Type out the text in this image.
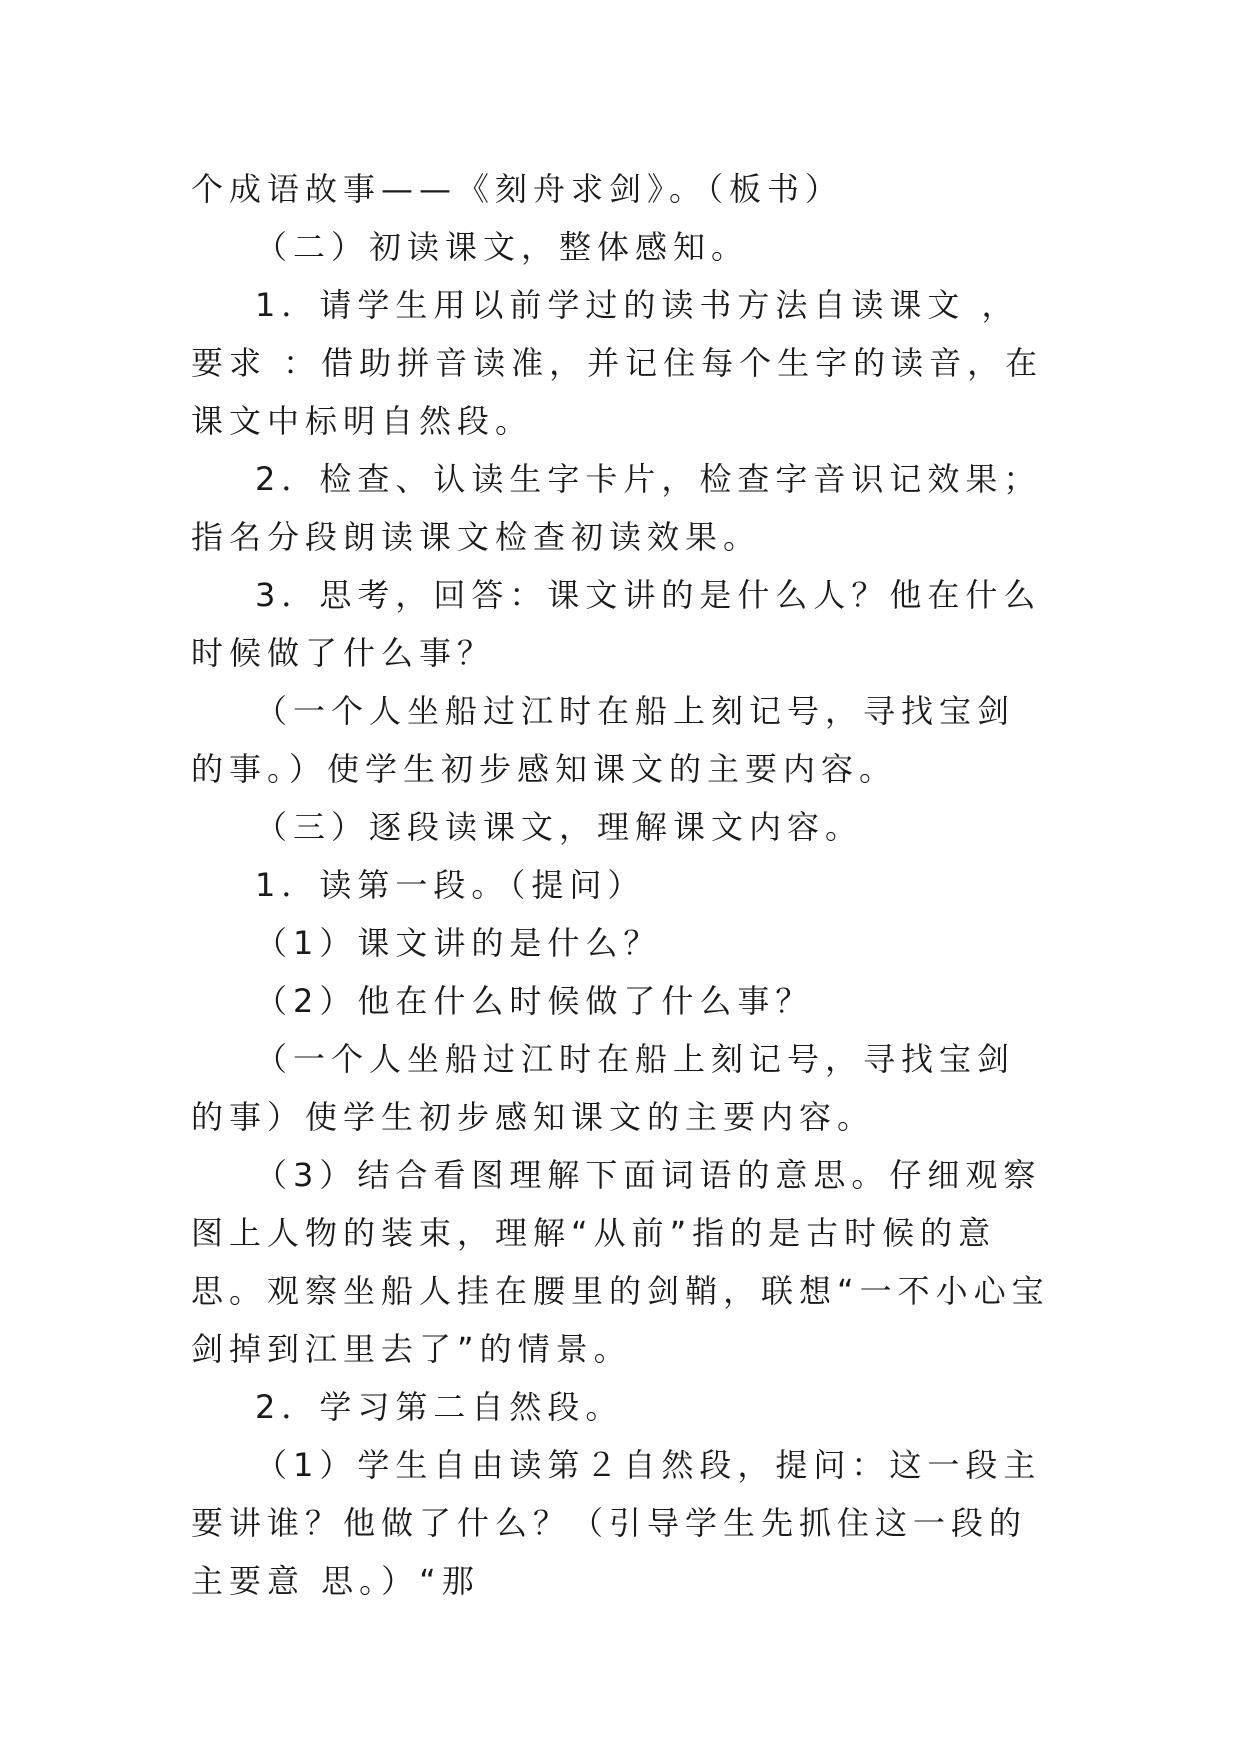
个成语故事——《刻舟求剑》。（板书）

（二）初读课文，整体感知。

1．请学生用以前学过的读书方法自读课文 ，要求 ：借助拼音读准，并记住每个生字的读音，在课文中标明自然段。

2．检查、认读生字卡片，检查字音识记效果；指名分段朗读课文检查初读效果。

3．思考，回答：课文讲的是什么人？他在什么时候做了什么事？

（一个人坐船过江时在船上刻记号，寻找宝剑的事。）使学生初步感知课文的主要内容。

（三）逐段读课文，理解课文内容。

1．读第一段。（提问）

（1）课文讲的是什么？

（2）他在什么时候做了什么事？

（一个人坐船过江时在船上刻记号，寻找宝剑的事）使学生初步感知课文的主要内容。

（3）结合看图理解下面词语的意思。仔细观察图上人物的装束，理解“从前”指的是古时候的意思。观察坐船人挂在腰里的剑鞘，联想“一不小心宝剑掉到江里去了”的情景。

2．学习第二自然段。

（1）学生自由读第２自然段，提问：这一段主要讲谁？他做了什么？（引导学生先抓住这一段的主要意 思。）“那
